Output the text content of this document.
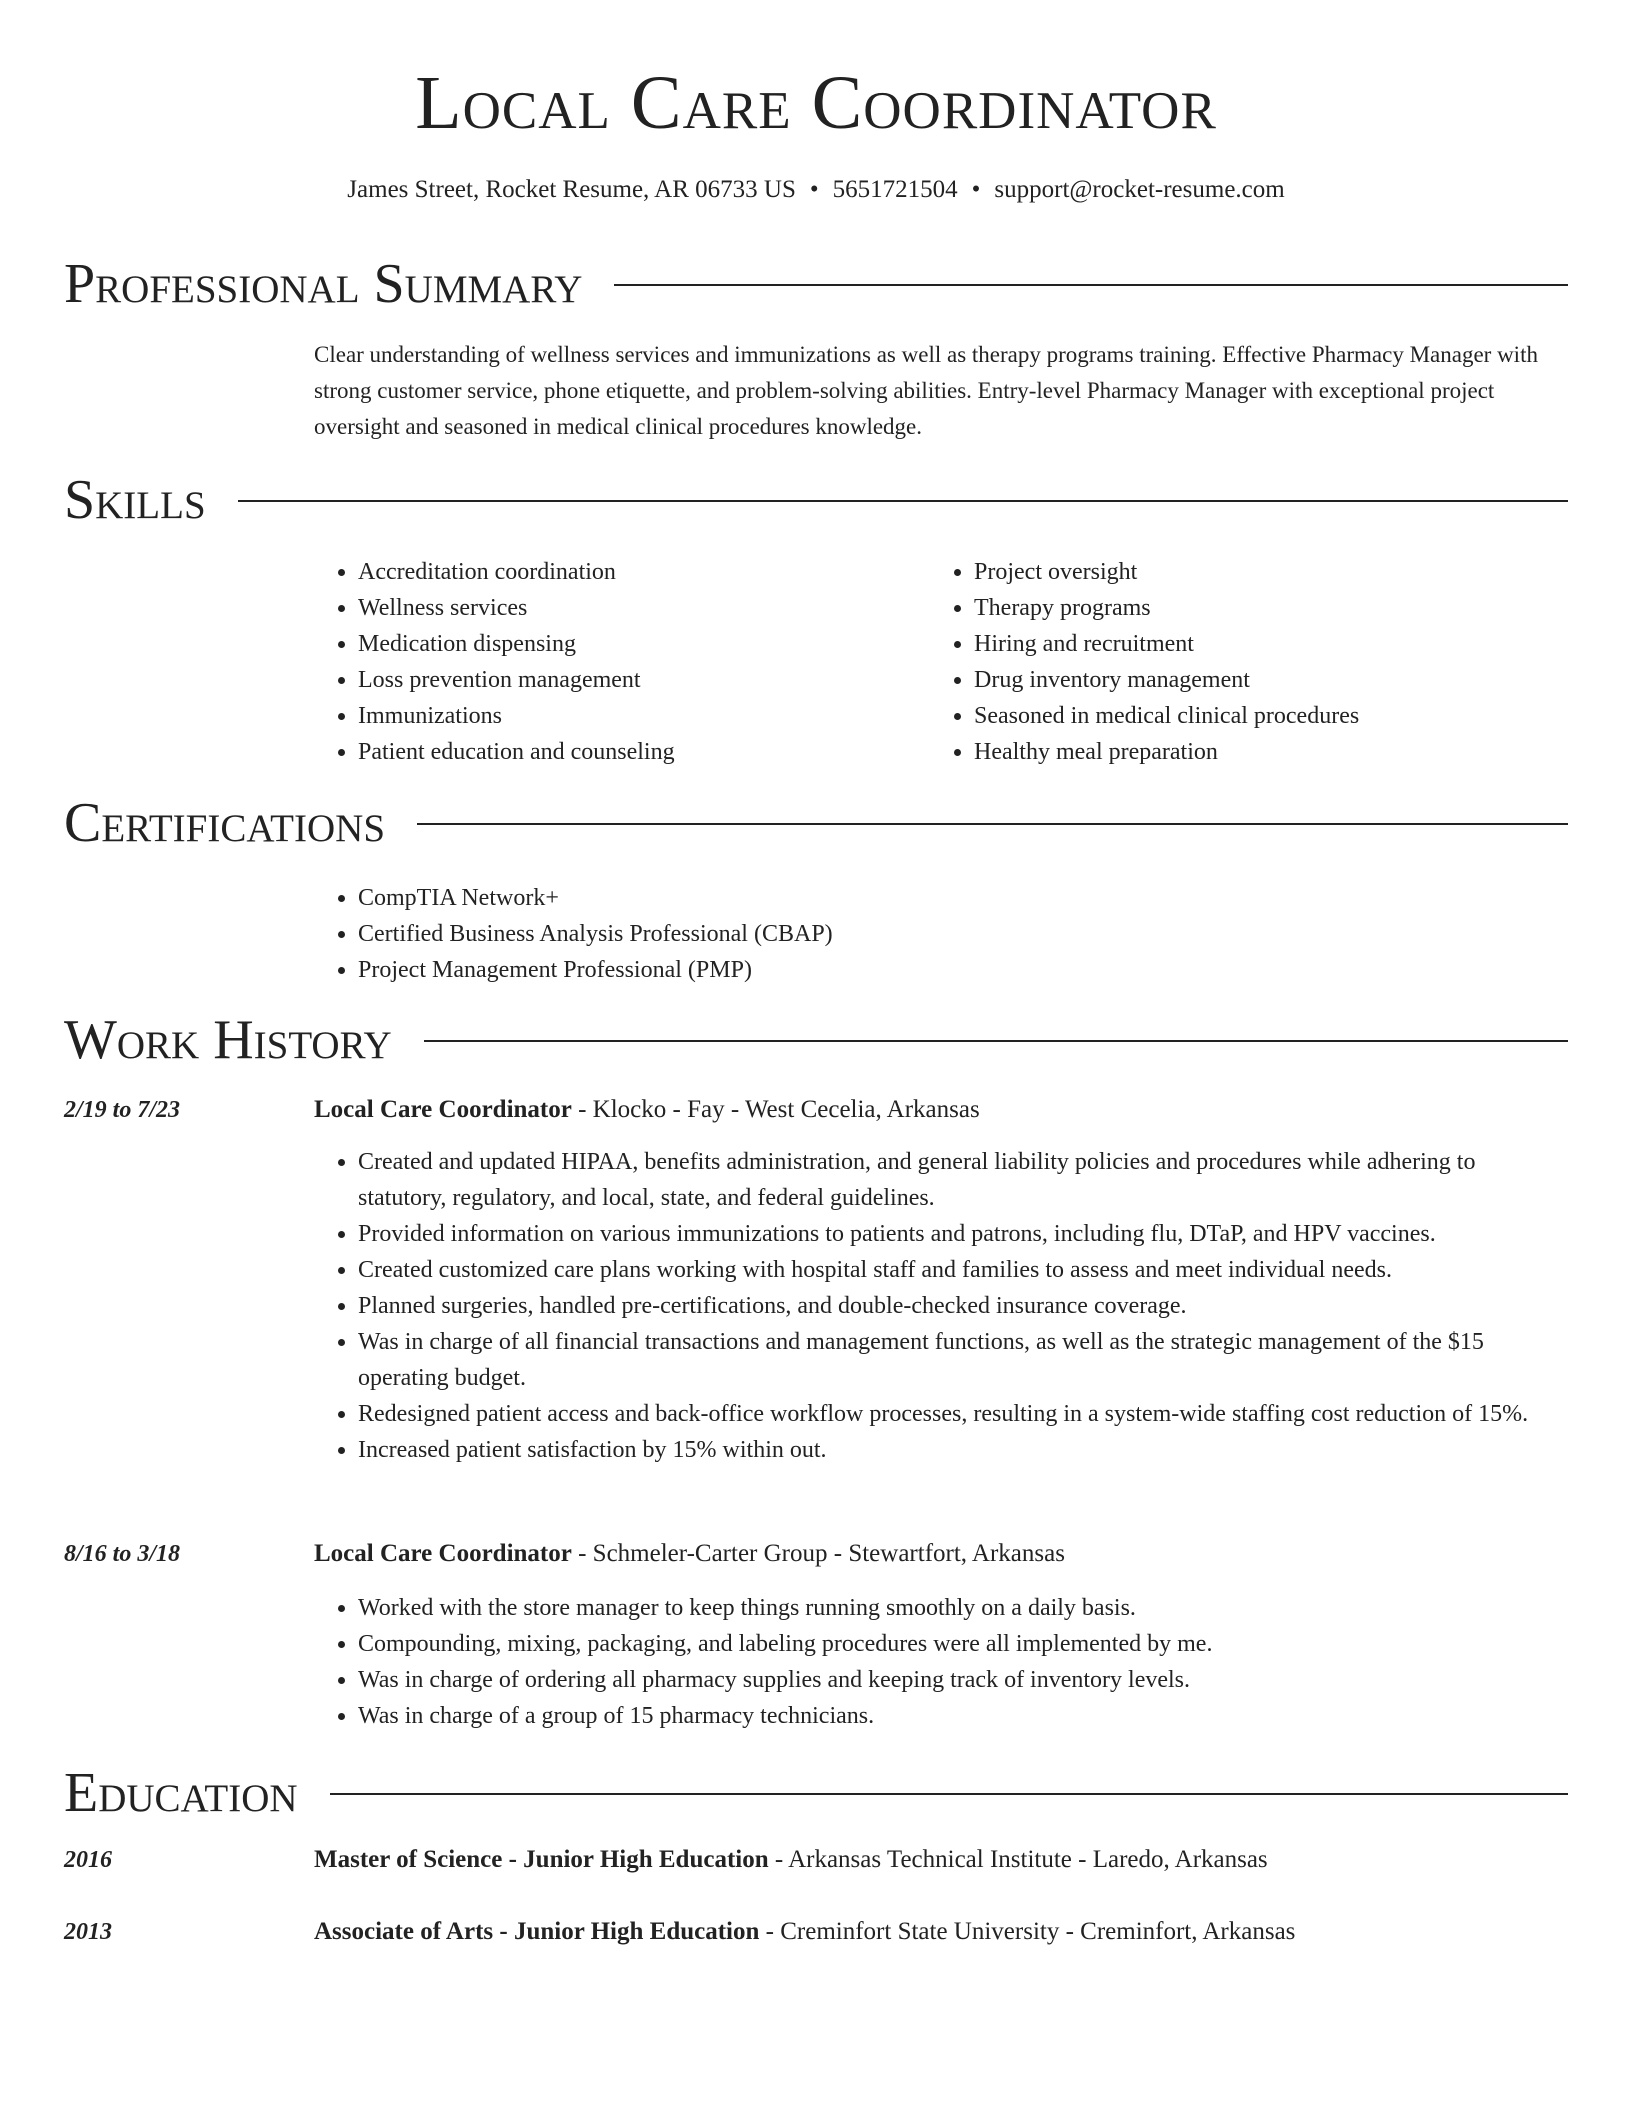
Local Care Coordinator
James Street, Rocket Resume, AR 06733 US • 5651721504 • support@rocket-resume.com
Professional Summary
Clear understanding of wellness services and immunizations as well as therapy programs training. Effective Pharmacy Manager with strong customer service, phone etiquette, and problem-solving abilities. Entry-level Pharmacy Manager with exceptional project oversight and seasoned in medical clinical procedures knowledge.
Skills
• Accreditation coordination
• Wellness services
• Medication dispensing
• Loss prevention management
• Immunizations
• Patient education and counseling
• Project oversight
• Therapy programs
• Hiring and recruitment
• Drug inventory management
• Seasoned in medical clinical procedures
• Healthy meal preparation
Certifications
• CompTIA Network+
• Certified Business Analysis Professional (CBAP)
• Project Management Professional (PMP)
Work History
2/19 to 7/23	Local Care Coordinator - Klocko - Fay - West Cecelia, Arkansas
• Created and updated HIPAA, benefits administration, and general liability policies and procedures while adhering to statutory, regulatory, and local, state, and federal guidelines.
• Provided information on various immunizations to patients and patrons, including flu, DTaP, and HPV vaccines.
• Created customized care plans working with hospital staff and families to assess and meet individual needs.
• Planned surgeries, handled pre-certifications, and double-checked insurance coverage.
• Was in charge of all financial transactions and management functions, as well as the strategic management of the $15 operating budget.
• Redesigned patient access and back-office workflow processes, resulting in a system-wide staffing cost reduction of 15%.
• Increased patient satisfaction by 15% within out.
8/16 to 3/18	Local Care Coordinator - Schmeler-Carter Group - Stewartfort, Arkansas
• Worked with the store manager to keep things running smoothly on a daily basis.
• Compounding, mixing, packaging, and labeling procedures were all implemented by me.
• Was in charge of ordering all pharmacy supplies and keeping track of inventory levels.
• Was in charge of a group of 15 pharmacy technicians.
Education
2016	Master of Science - Junior High Education - Arkansas Technical Institute - Laredo, Arkansas
2013	Associate of Arts - Junior High Education - Creminfort State University - Creminfort, Arkansas
